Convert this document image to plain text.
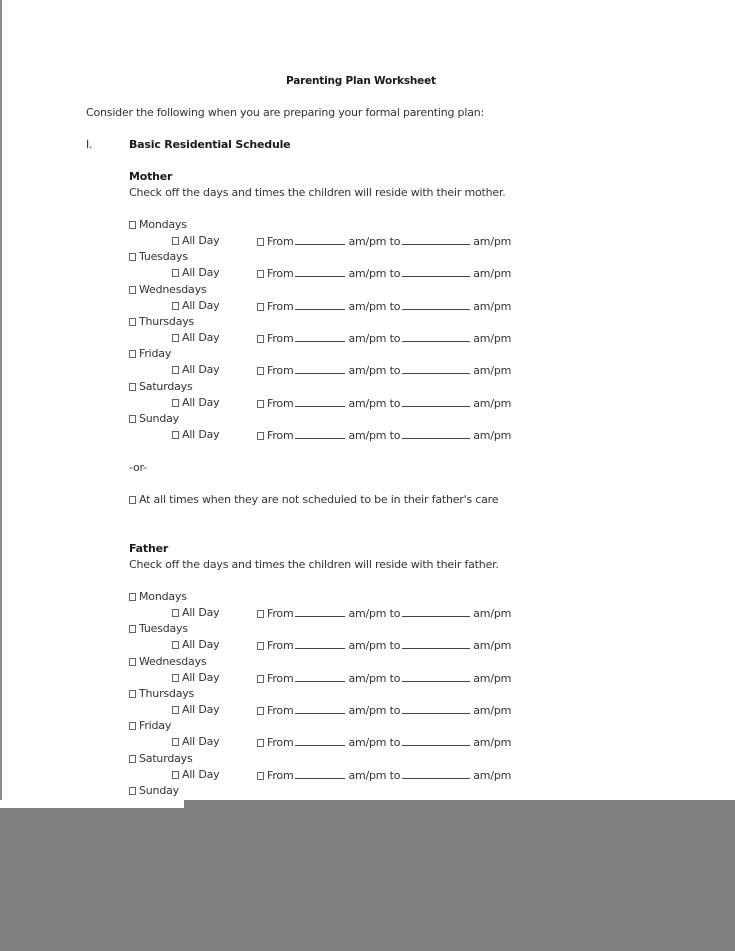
Parenting Plan Worksheet
Consider the following when you are preparing your formal parenting plan:
I.	Basic Residential Schedule
Mother
Check off the days and times the children will reside with their mother.
Mondays
All Day	From	am/pm to	am/pm
Tuesdays
All Day	From	am/pm to	am/pm
Wednesdays
All Day	From	am/pm to	am/pm
Thursdays
All Day	From	am/pm to	am/pm
Friday
All Day	From	am/pm to	am/pm
Saturdays
All Day	From	am/pm to	am/pm
Sunday
All Day	From	am/pm to	am/pm
-or-
At all times when they are not scheduled to be in their father's care
Father
Check off the days and times the children will reside with their father.
Mondays
All Day	From	am/pm to	am/pm
Tuesdays
All Day	From	am/pm to	am/pm
Wednesdays
All Day	From	am/pm to	am/pm
Thursdays
All Day	From	am/pm to	am/pm
Friday
All Day	From	am/pm to	am/pm
Saturdays
All Day	From	am/pm to	am/pm
Sunday
